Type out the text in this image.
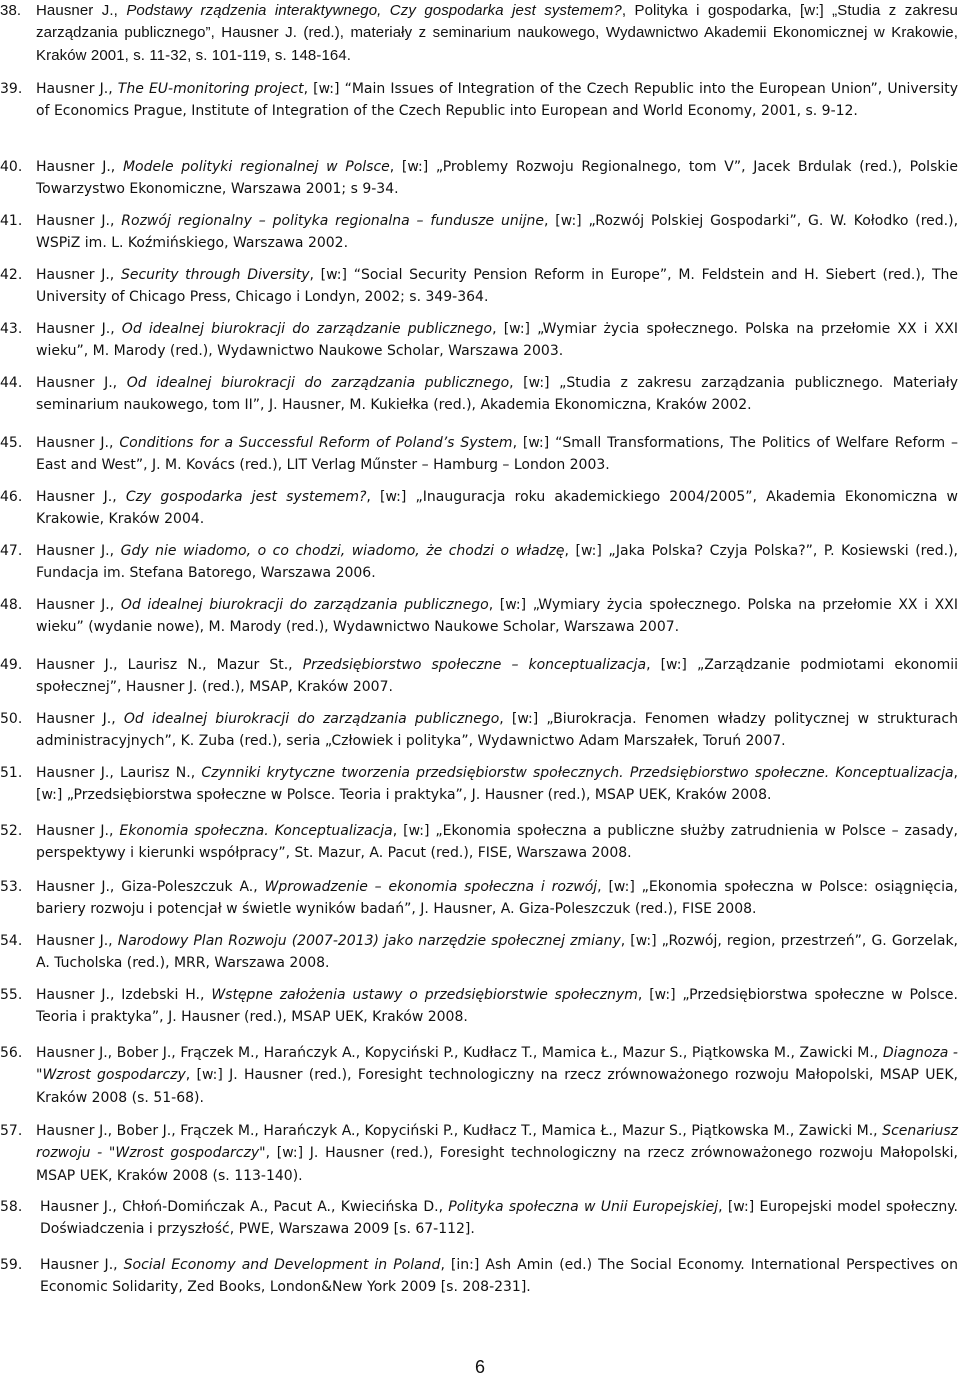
38. Hausner J., Podstawy rządzenia interaktywnego, Czy gospodarka jest systemem?, Polityka i gospodarka, [w:] „Studia z zakresu zarządzania publicznego”, Hausner J. (red.), materiały z seminarium naukowego, Wydawnictwo Akademii Ekonomicznej w Krakowie, Kraków 2001, s. 11-32, s. 101-119, s. 148-164.
39. Hausner J., The EU-monitoring project, [w:] “Main Issues of Integration of the Czech Republic into the European Union”, University of Economics Prague, Institute of Integration of the Czech Republic into European and World Economy, 2001, s. 9-12.
40. Hausner J., Modele polityki regionalnej w Polsce, [w:] „Problemy Rozwoju Regionalnego, tom V”, Jacek Brdulak (red.), Polskie Towarzystwo Ekonomiczne, Warszawa 2001; s 9-34.
41. Hausner J., Rozwój regionalny – polityka regionalna – fundusze unijne, [w:] „Rozwój Polskiej Gospodarki”, G. W. Kołodko (red.), WSPiZ im. L. Koźmińskiego, Warszawa 2002.
42. Hausner J., Security through Diversity, [w:] “Social Security Pension Reform in Europe”, M. Feldstein and H. Siebert (red.), The University of Chicago Press, Chicago i Londyn, 2002; s. 349-364.
43. Hausner J., Od idealnej biurokracji do zarządzanie publicznego, [w:] „Wymiar życia społecznego. Polska na przełomie XX i XXI wieku”, M. Marody (red.), Wydawnictwo Naukowe Scholar, Warszawa 2003.
44. Hausner J., Od idealnej biurokracji do zarządzania publicznego, [w:] „Studia z zakresu zarządzania publicznego. Materiały seminarium naukowego, tom II”, J. Hausner, M. Kukiełka (red.), Akademia Ekonomiczna, Kraków 2002.
45. Hausner J., Conditions for a Successful Reform of Poland’s System, [w:] “Small Transformations, The Politics of Welfare Reform – East and West”, J. M. Kovács (red.), LIT Verlag Műnster – Hamburg – London 2003.
46. Hausner J., Czy gospodarka jest systemem?, [w:] „Inauguracja roku akademickiego 2004/2005”, Akademia Ekonomiczna w Krakowie, Kraków 2004.
47. Hausner J., Gdy nie wiadomo, o co chodzi, wiadomo, że chodzi o władzę, [w:] „Jaka Polska? Czyja Polska?”, P. Kosiewski (red.), Fundacja im. Stefana Batorego, Warszawa 2006.
48. Hausner J., Od idealnej biurokracji do zarządzania publicznego, [w:] „Wymiary życia społecznego. Polska na przełomie XX i XXI wieku” (wydanie nowe), M. Marody (red.), Wydawnictwo Naukowe Scholar, Warszawa 2007.
49. Hausner J., Laurisz N., Mazur St., Przedsiębiorstwo społeczne – konceptualizacja, [w:] „Zarządzanie podmiotami ekonomii społecznej”, Hausner J. (red.), MSAP, Kraków 2007.
50. Hausner J., Od idealnej biurokracji do zarządzania publicznego, [w:] „Biurokracja. Fenomen władzy politycznej w strukturach administracyjnych”, K. Zuba (red.), seria „Człowiek i polityka”, Wydawnictwo Adam Marszałek, Toruń 2007.
51. Hausner J., Laurisz N., Czynniki krytyczne tworzenia przedsiębiorstw społecznych. Przedsiębiorstwo społeczne. Konceptualizacja, [w:] „Przedsiębiorstwa społeczne w Polsce. Teoria i praktyka”, J. Hausner (red.), MSAP UEK, Kraków 2008.
52. Hausner J., Ekonomia społeczna. Konceptualizacja, [w:] „Ekonomia społeczna a publiczne służby zatrudnienia w Polsce – zasady, perspektywy i kierunki współpracy”, St. Mazur, A. Pacut (red.), FISE, Warszawa 2008.
53. Hausner J., Giza-Poleszczuk A., Wprowadzenie – ekonomia społeczna i rozwój, [w:] „Ekonomia społeczna w Polsce: osiągnięcia, bariery rozwoju i potencjał w świetle wyników badań”, J. Hausner, A. Giza-Poleszczuk (red.), FISE 2008.
54. Hausner J., Narodowy Plan Rozwoju (2007-2013) jako narzędzie społecznej zmiany, [w:] „Rozwój, region, przestrzeń”, G. Gorzelak, A. Tucholska (red.), MRR, Warszawa 2008.
55. Hausner J., Izdebski H., Wstępne założenia ustawy o przedsiębiorstwie społecznym, [w:] „Przedsiębiorstwa społeczne w Polsce. Teoria i praktyka”, J. Hausner (red.), MSAP UEK, Kraków 2008.
56. Hausner J., Bober J., Frączek M., Harańczyk A., Kopyciński P., Kudłacz T., Mamica Ł., Mazur S., Piątkowska M., Zawicki M., Diagnoza - "Wzrost gospodarczy, [w:] J. Hausner (red.), Foresight technologiczny na rzecz zrównoważonego rozwoju Małopolski, MSAP UEK, Kraków 2008 (s. 51-68).
57. Hausner J., Bober J., Frączek M., Harańczyk A., Kopyciński P., Kudłacz T., Mamica Ł., Mazur S., Piątkowska M., Zawicki M., Scenariusz rozwoju - "Wzrost gospodarczy", [w:] J. Hausner (red.), Foresight technologiczny na rzecz zrównoważonego rozwoju Małopolski, MSAP UEK, Kraków 2008 (s. 113-140).
58.	Hausner J., Chłoń-Domińczak A., Pacut A., Kwiecińska D., Polityka społeczna w Unii Europejskiej, [w:] Europejski model społeczny. Doświadczenia i przyszłość, PWE, Warszawa 2009 [s. 67-112].
59.	Hausner J., Social Economy and Development in Poland, [in:] Ash Amin (ed.) The Social Economy. International Perspectives on Economic Solidarity, Zed Books, London&New York 2009 [s. 208-231].
6
